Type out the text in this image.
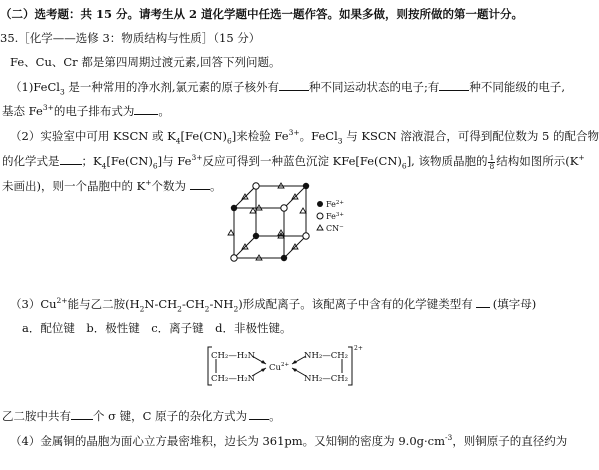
（二）选考题：共 15 分。请考生从 2 道化学题中任选一题作答。如果多做，则按所做的第一题计分。
35.［化学——选修 3：物质结构与性质］（15 分）
Fe、Cu、Cr 都是第四周期过渡元素,回答下列问题。
（1)FeCl$_3$ 是一种常用的净水剂,氯元素的原子核外有	种不同运动状态的电子;有	种不同能级的电子,
基态 $Fe^{3+}$的电子排布式为 。
（2）实验室中可用 KSCN 或 $K_4[Fe(CN)_6]$来检验 $Fe^{3+}$。FeCl$_3$ 与 KSCN 溶液混合，可得到配位数为 5 的配合物
的化学式是 ；$K_4[Fe(CN)_6]$与 $Fe^{3+}$反应可得到一种蓝色沉淀 $KFe[Fe(CN)_6]$, 该物质晶胞的 $\frac{1}{8}$ 结构如图所示(K+
未画出)，则一个晶胞中的 K+个数为 。
$Fe^{2+}$
$Fe^{3+}$
CN−
$(3)Cu^{2+}$能与乙二胺$(H_2N-CH_2-CH_2-NH_2)$形成配离子。该配离子中含有的化学键类型有 (填字母)
a．配位键　b．极性键　c．离子键　d．非极性键。
CH₂—H₂N
CH₂—H₂N
$Cu^{2+}$
NH₂—CH₂
NH₂—CH₂
2+
乙二胺中共有 个 σ 键，C 原子的杂化方式为 。
（4）金属铜的晶胞为面心立方最密堆积，边长为 361pm。又知铜的密度为 $9.0g\cdot cm^{-3}$，则铜原子的直径约为
